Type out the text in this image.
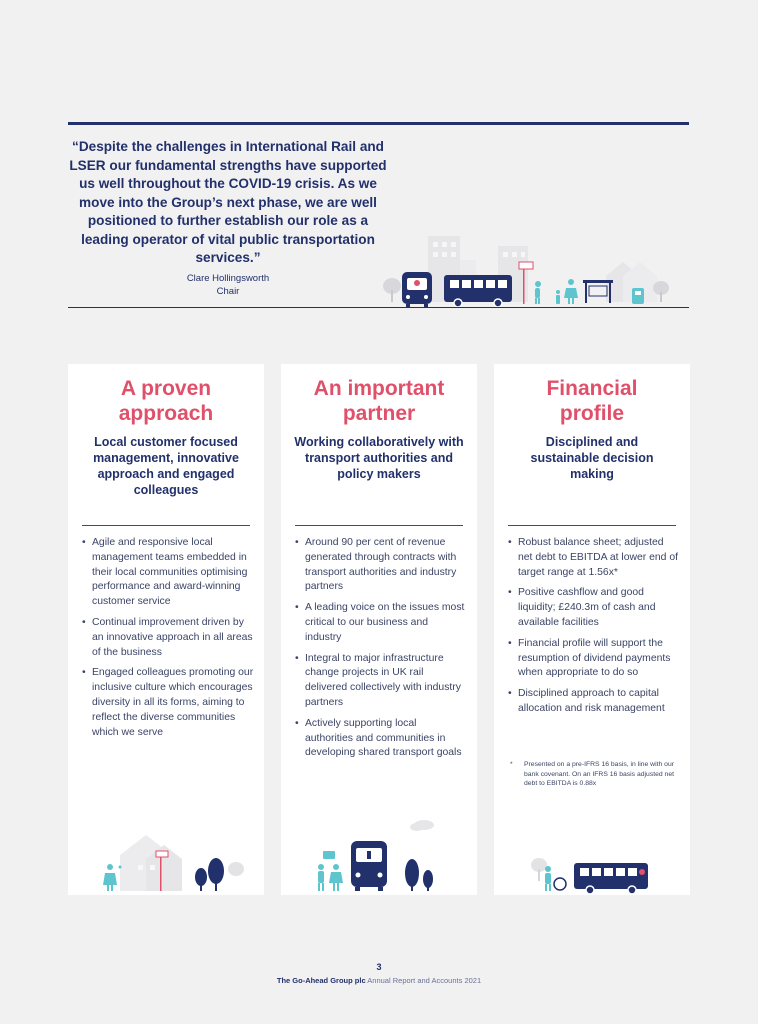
“Despite the challenges in International Rail and LSER our fundamental strengths have supported us well throughout the COVID-19 crisis. As we move into the Group’s next phase, we are well positioned to further establish our role as a leading operator of vital public transportation services.”
Clare Hollingsworth
Chair
A proven approach
Local customer focused management, innovative approach and engaged colleagues
• Agile and responsive local management teams embedded in their local communities optimising performance and award-winning customer service
• Continual improvement driven by an innovative approach in all areas of the business
• Engaged colleagues promoting our inclusive culture which encourages diversity in all its forms, aiming to reflect the diverse communities which we serve
An important partner
Working collaboratively with transport authorities and policy makers
• Around 90 per cent of revenue generated through contracts with transport authorities and industry partners
• A leading voice on the issues most critical to our business and industry
• Integral to major infrastructure change projects in UK rail delivered collectively with industry partners
• Actively supporting local authorities and communities in developing shared transport goals
Financial profile
Disciplined and sustainable decision making
• Robust balance sheet; adjusted net debt to EBITDA at lower end of target range at 1.56x*
• Positive cashflow and good liquidity; £240.3m of cash and available facilities
• Financial profile will support the resumption of dividend payments when appropriate to do so
• Disciplined approach to capital allocation and risk management
* Presented on a pre-IFRS 16 basis, in line with our bank covenant. On an IFRS 16 basis adjusted net debt to EBITDA is 0.88x
3
The Go-Ahead Group plc Annual Report and Accounts 2021
